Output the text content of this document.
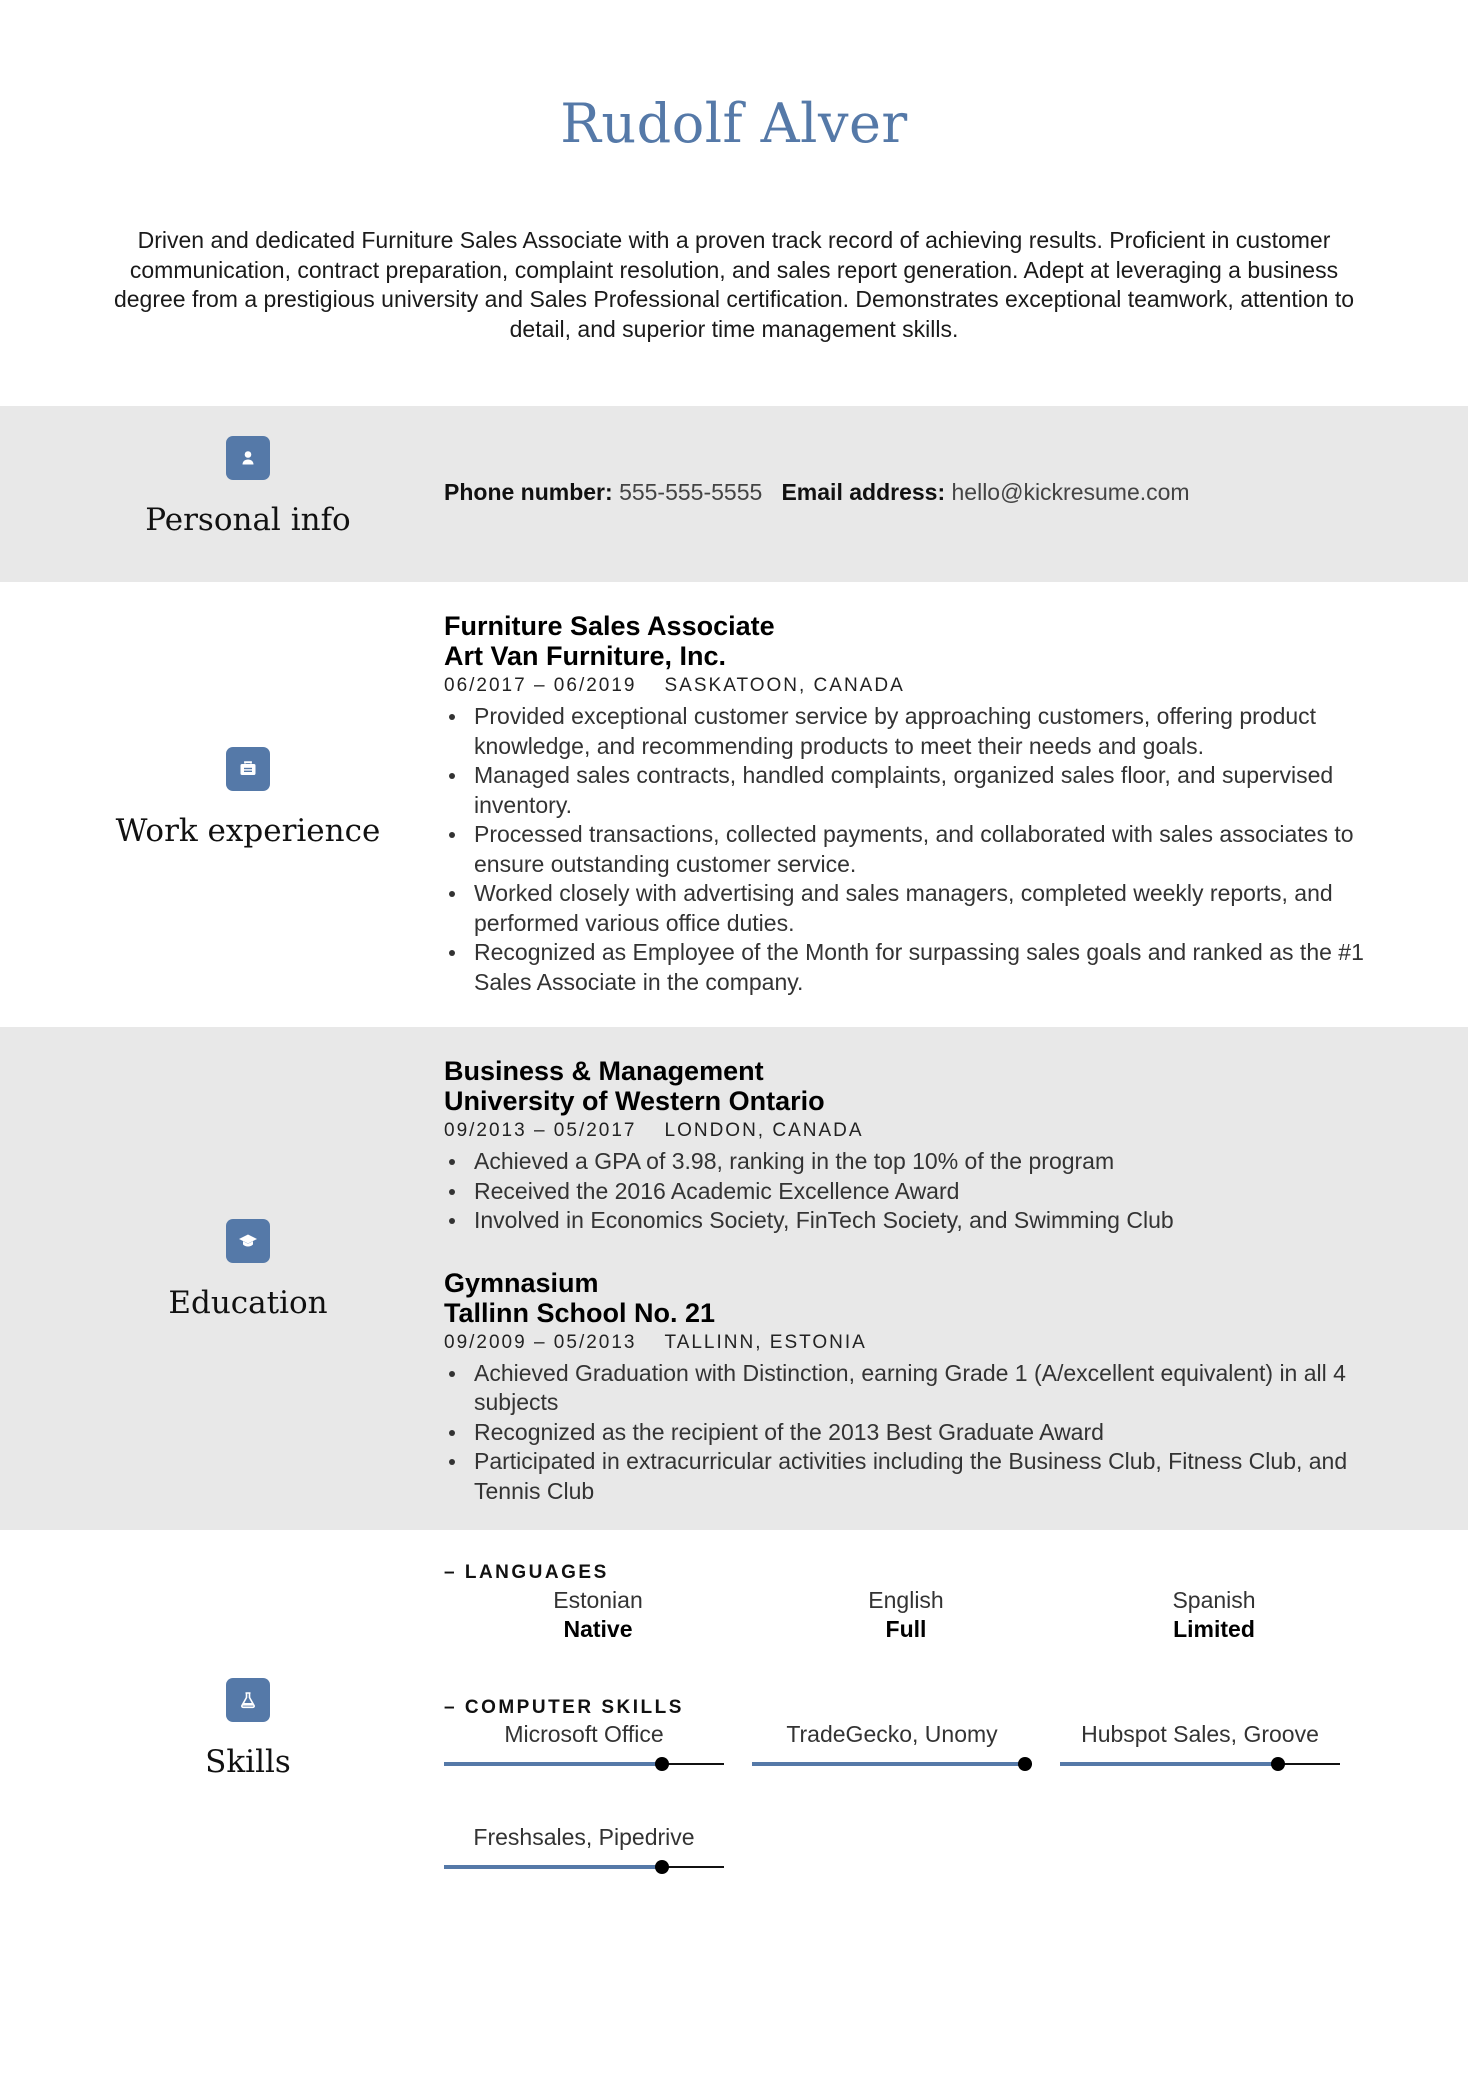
Rudolf Alver
Driven and dedicated Furniture Sales Associate with a proven track record of achieving results. Proficient in customer communication, contract preparation, complaint resolution, and sales report generation. Adept at leveraging a business degree from a prestigious university and Sales Professional certification. Demonstrates exceptional teamwork, attention to detail, and superior time management skills.
Personal info
Phone number: 555-555-5555 Email address: hello@kickresume.com
Work experience
Furniture Sales Associate
Art Van Furniture, Inc.
06/2017 – 06/2019 SASKATOON, CANADA
Provided exceptional customer service by approaching customers, offering product knowledge, and recommending products to meet their needs and goals.
Managed sales contracts, handled complaints, organized sales floor, and supervised inventory.
Processed transactions, collected payments, and collaborated with sales associates to ensure outstanding customer service.
Worked closely with advertising and sales managers, completed weekly reports, and performed various office duties.
Recognized as Employee of the Month for surpassing sales goals and ranked as the #1 Sales Associate in the company.
Education
Business & Management
University of Western Ontario
09/2013 – 05/2017 LONDON, CANADA
Achieved a GPA of 3.98, ranking in the top 10% of the program
Received the 2016 Academic Excellence Award
Involved in Economics Society, FinTech Society, and Swimming Club
Gymnasium
Tallinn School No. 21
09/2009 – 05/2013 TALLINN, ESTONIA
Achieved Graduation with Distinction, earning Grade 1 (A/excellent equivalent) in all 4 subjects
Recognized as the recipient of the 2013 Best Graduate Award
Participated in extracurricular activities including the Business Club, Fitness Club, and Tennis Club
Skills
– LANGUAGES
Estonian
Native
English
Full
Spanish
Limited
– COMPUTER SKILLS
Microsoft Office	TradeGecko, Unomy	Hubspot Sales, Groove
Freshsales, Pipedrive
